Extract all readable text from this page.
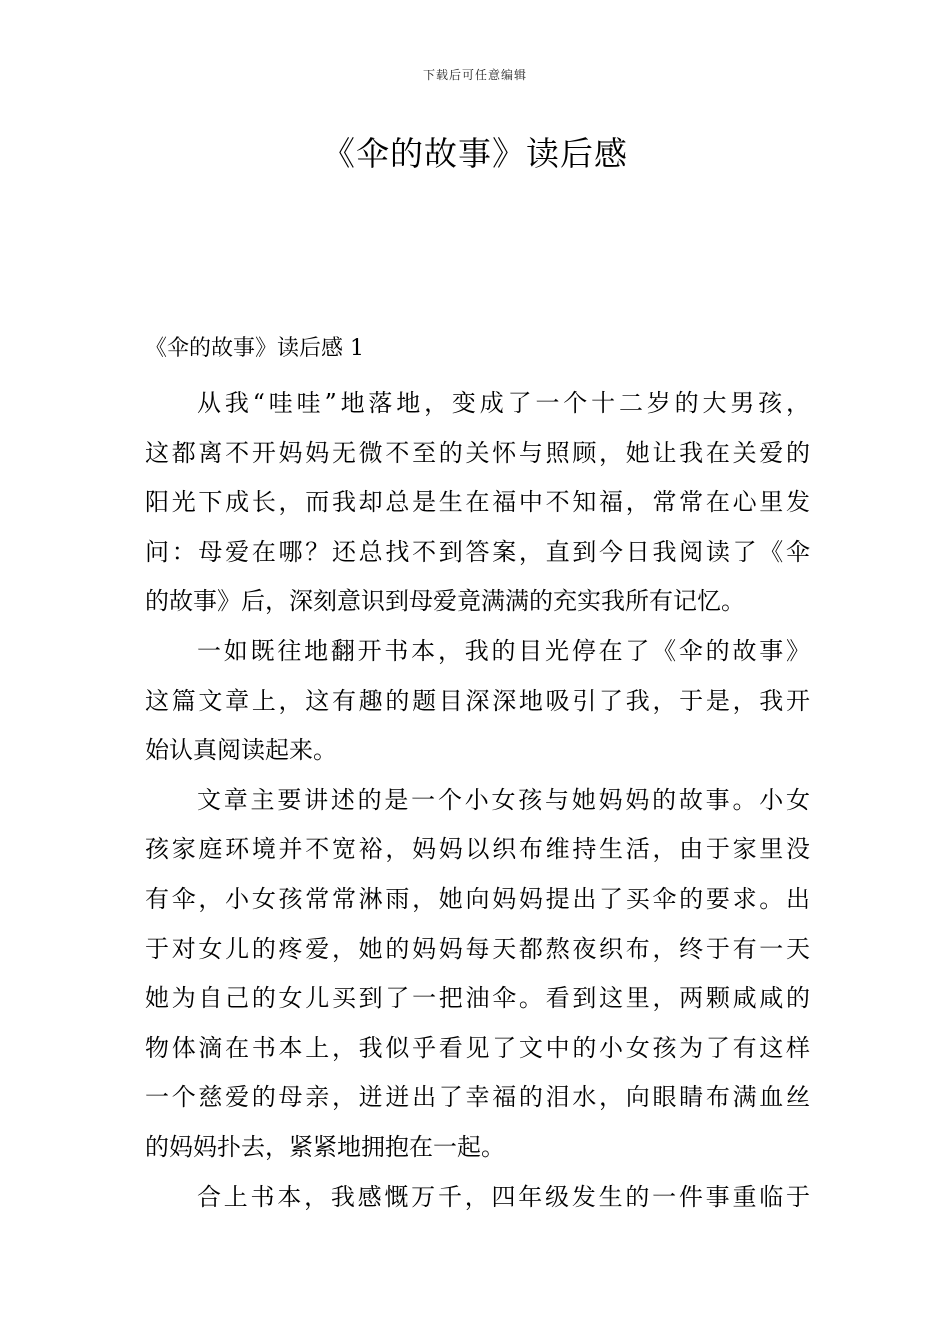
下载后可任意编辑
《伞的故事》读后感
《伞的故事》读后感 1

从我“哇哇”地落地，变成了一个十二岁的大男孩，
这都离不开妈妈无微不至的关怀与照顾，她让我在关爱的
阳光下成长，而我却总是生在福中不知福，常常在心里发
问：母爱在哪？还总找不到答案，直到今日我阅读了《伞
的故事》后，深刻意识到母爱竟满满的充实我所有记忆。

一如既往地翻开书本，我的目光停在了《伞的故事》
这篇文章上，这有趣的题目深深地吸引了我，于是，我开
始认真阅读起来。

文章主要讲述的是一个小女孩与她妈妈的故事。小女
孩家庭环境并不宽裕，妈妈以织布维持生活，由于家里没
有伞，小女孩常常淋雨，她向妈妈提出了买伞的要求。出
于对女儿的疼爱，她的妈妈每天都熬夜织布，终于有一天
她为自己的女儿买到了一把油伞。看到这里，两颗咸咸的
物体滴在书本上，我似乎看见了文中的小女孩为了有这样
一个慈爱的母亲，迸迸出了幸福的泪水，向眼睛布满血丝
的妈妈扑去，紧紧地拥抱在一起。

合上书本，我感慨万千，四年级发生的一件事重临于
